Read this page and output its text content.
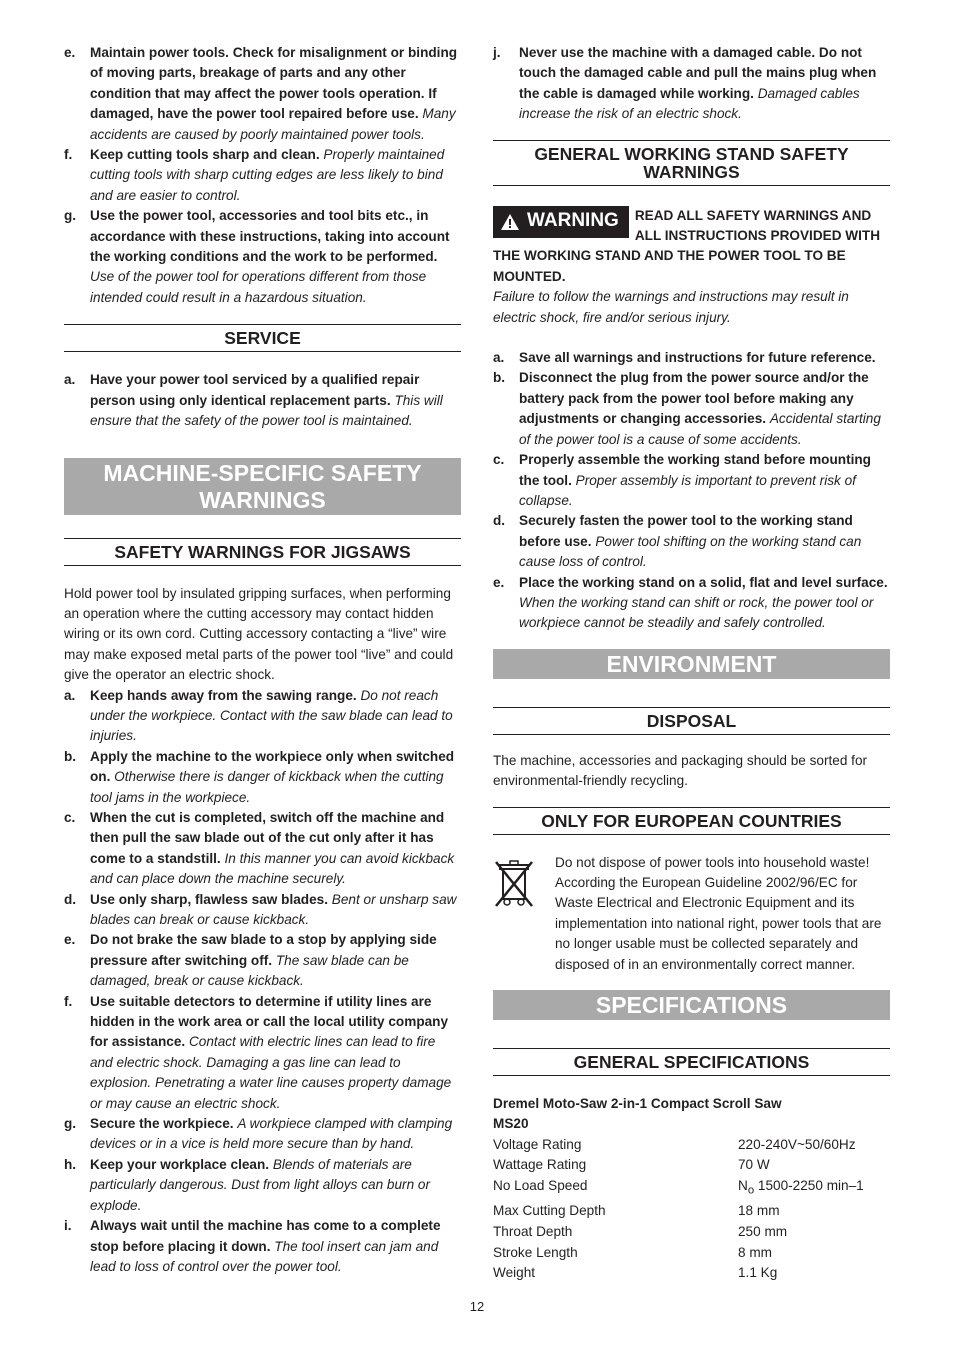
e.	Maintain power tools. Check for misalignment or binding of moving parts, breakage of parts and any other condition that may affect the power tools operation. If damaged, have the power tool repaired before use. Many accidents are caused by poorly maintained power tools.
f.	Keep cutting tools sharp and clean. Properly maintained cutting tools with sharp cutting edges are less likely to bind and are easier to control.
g.	Use the power tool, accessories and tool bits etc., in accordance with these instructions, taking into account the working conditions and the work to be performed. Use of the power tool for operations different from those intended could result in a hazardous situation.
SERVICE
a.	Have your power tool serviced by a qualified repair person using only identical replacement parts. This will ensure that the safety of the power tool is maintained.
MACHINE-SPECIFIC SAFETY
WARNINGS
SAFETY WARNINGS FOR JIGSAWS
Hold power tool by insulated gripping surfaces, when performing an operation where the cutting accessory may contact hidden wiring or its own cord. Cutting accessory contacting a “live” wire may make exposed metal parts of the power tool “live” and could give the operator an electric shock.
a.	Keep hands away from the sawing range. Do not reach under the workpiece. Contact with the saw blade can lead to injuries.
b.	Apply the machine to the workpiece only when switched on. Otherwise there is danger of kickback when the cutting tool jams in the workpiece.
c.	When the cut is completed, switch off the machine and then pull the saw blade out of the cut only after it has come to a standstill. In this manner you can avoid kickback and can place down the machine securely.
d.	Use only sharp, flawless saw blades. Bent or unsharp saw blades can break or cause kickback.
e.	Do not brake the saw blade to a stop by applying side pressure after switching off. The saw blade can be damaged, break or cause kickback.
f.	Use suitable detectors to determine if utility lines are hidden in the work area or call the local utility company for assistance. Contact with electric lines can lead to fire and electric shock. Damaging a gas line can lead to explosion. Penetrating a water line causes property damage or may cause an electric shock.
g.	Secure the workpiece. A workpiece clamped with clamping devices or in a vice is held more secure than by hand.
h.	Keep your workplace clean. Blends of materials are particularly dangerous. Dust from light alloys can burn or explode.
i.	Always wait until the machine has come to a complete stop before placing it down. The tool insert can jam and lead to loss of control over the power tool.
j.	Never use the machine with a damaged cable. Do not touch the damaged cable and pull the mains plug when the cable is damaged while working. Damaged cables increase the risk of an electric shock.
GENERAL WORKING STAND SAFETY
WARNINGS
WARNING READ ALL SAFETY WARNINGS AND ALL INSTRUCTIONS PROVIDED WITH THE WORKING STAND AND THE POWER TOOL TO BE MOUNTED.
Failure to follow the warnings and instructions may result in electric shock, fire and/or serious injury.
a.	Save all warnings and instructions for future reference.
b.	Disconnect the plug from the power source and/or the battery pack from the power tool before making any adjustments or changing accessories. Accidental starting of the power tool is a cause of some accidents.
c.	Properly assemble the working stand before mounting the tool. Proper assembly is important to prevent risk of collapse.
d.	Securely fasten the power tool to the working stand before use. Power tool shifting on the working stand can cause loss of control.
e.	Place the working stand on a solid, flat and level surface. When the working stand can shift or rock, the power tool or workpiece cannot be steadily and safely controlled.
ENVIRONMENT
DISPOSAL
The machine, accessories and packaging should be sorted for environmental-friendly recycling.
ONLY FOR EUROPEAN COUNTRIES
Do not dispose of power tools into household waste! According the European Guideline 2002/96/EC for Waste Electrical and Electronic Equipment and its implementation into national right, power tools that are no longer usable must be collected separately and disposed of in an environmentally correct manner.
SPECIFICATIONS
GENERAL SPECIFICATIONS
Dremel Moto-Saw 2-in-1 Compact Scroll Saw
MS20
Voltage Rating	220-240V~50/60Hz
Wattage Rating	70 W
No Load Speed	$N_o$ 1500-2250 min–1
Max Cutting Depth	18 mm
Throat Depth	250 mm
Stroke Length	8 mm
Weight	1.1 Kg
12
